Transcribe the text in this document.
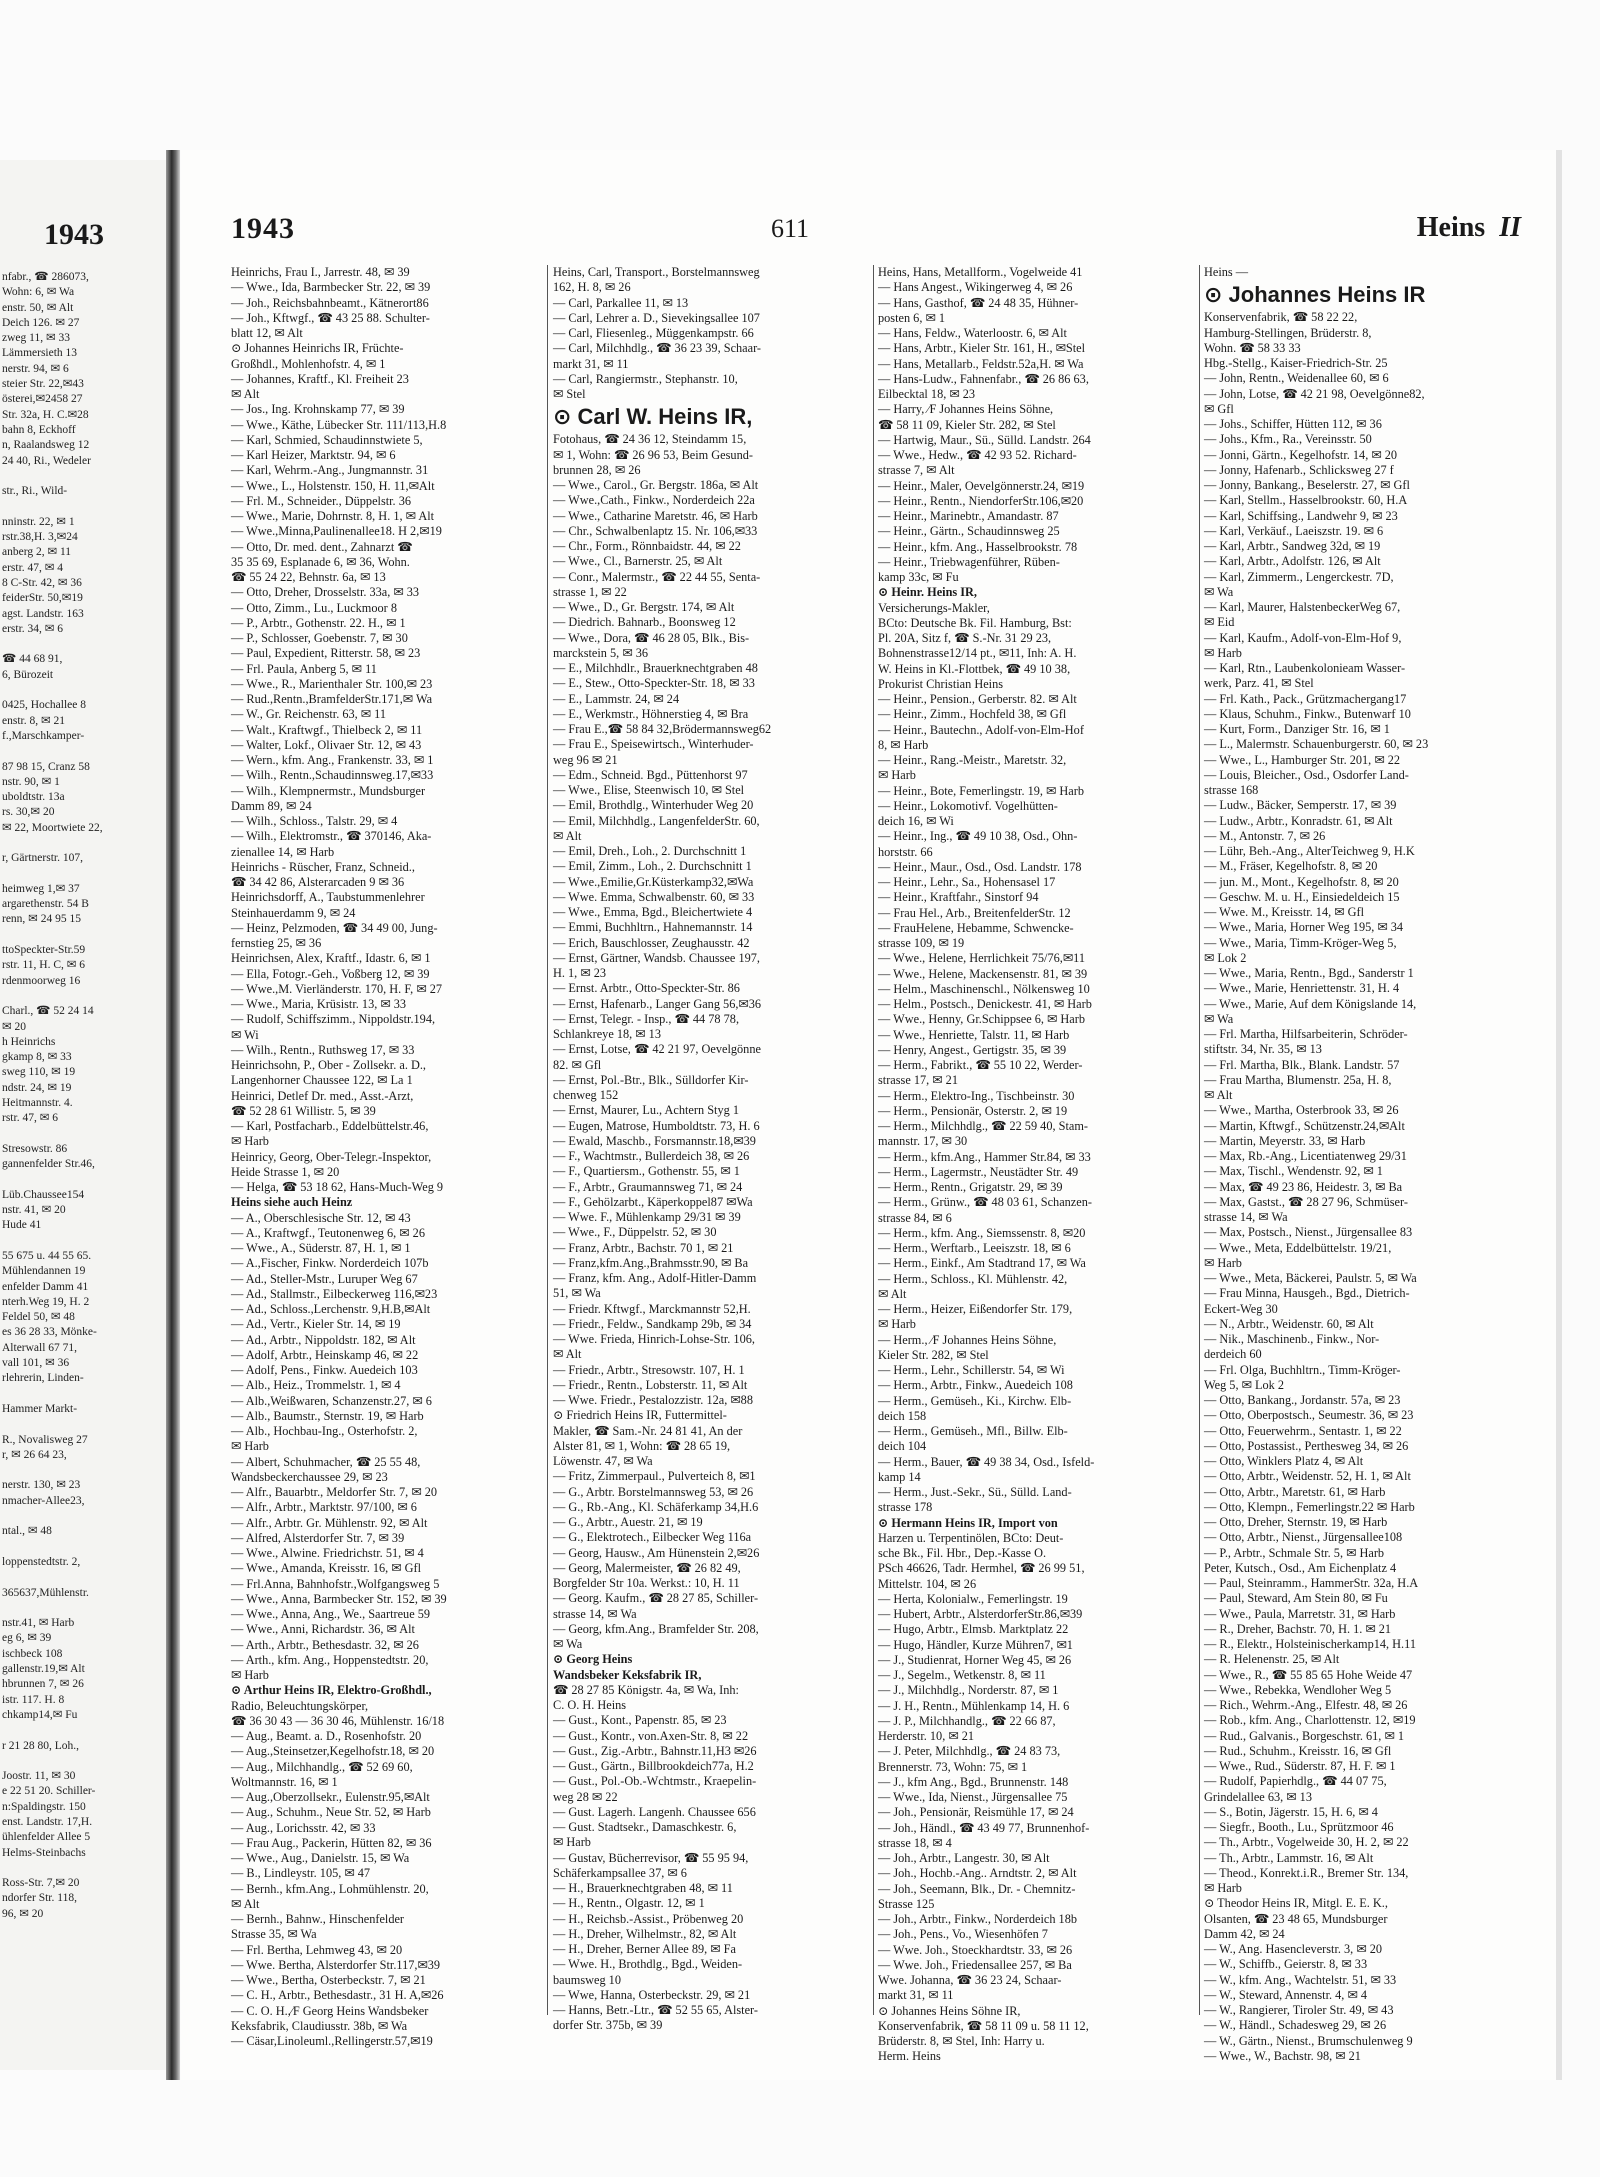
1943
nfabr., ☎ 286073,
Wohn: 6, ✉ Wa
enstr. 50, ✉ Alt
Deich 126. ✉ 27
zweg 11, ✉ 33
Lämmersieth 13
nerstr. 94, ✉ 6
steier Str. 22,✉43
österei,✉2458 27
Str. 32a, H. C.✉28
bahn 8, Eckhoff
n, Raalandsweg 12
24 40, Ri., Wedeler
str., Ri., Wild-
nninstr. 22, ✉ 1
rstr.38,H. 3,✉24
anberg 2, ✉ 11
erstr. 47, ✉ 4
8 C-Str. 42, ✉ 36
feiderStr. 50,✉19
agst. Landstr. 163
erstr. 34, ✉ 6
☎ 44 68 91,
6, Bürozeit
0425, Hochallee 8
enstr. 8, ✉ 21
f.,Marschkamper-
87 98 15, Cranz 58
nstr. 90, ✉ 1
uboldtstr. 13a
rs. 30,✉ 20
✉ 22, Moortwiete 22,
r, Gärtnerstr. 107,
heimweg 1,✉ 37
argarethenstr. 54 B
renn, ✉ 24 95 15
ttoSpeckter-Str.59
rstr. 11, H. C, ✉ 6
rdenmoorweg 16
Charl., ☎ 52 24 14
✉ 20
h Heinrichs
gkamp 8, ✉ 33
sweg 110, ✉ 19
ndstr. 24, ✉ 19
Heitmannstr. 4.
rstr. 47, ✉ 6
Stresowstr. 86
gannenfelder Str.46,
Lüb.Chaussee154
nstr. 41, ✉ 20
Hude 41
55 675 u. 44 55 65.
Mühlendannen 19
enfelder Damm 41
nterh.Weg 19, H. 2
Feldel 50, ✉ 48
es 36 28 33, Mönke-
Alterwall 67 71,
vall 101, ✉ 36
rlehrerin, Linden-
Hammer Markt-
R., Novalisweg 27
r, ✉ 26 64 23,
nerstr. 130, ✉ 23
nmacher-Allee23,
ntal., ✉ 48
loppenstedtstr. 2,
365637,Mühlenstr.
nstr.41, ✉ Harb
eg 6, ✉ 39
ischbeck 108
gallenstr.19,✉ Alt
hbrunnen 7, ✉ 26
istr. 117. H. 8
chkamp14,✉ Fu
r 21 28 80, Loh.,
Joostr. 11, ✉ 30
e 22 51 20. Schiller-
n:Spaldingstr. 150
enst. Landstr. 17,H.
ühlenfelder Allee 5
Helms-Steinbachs
Ross-Str. 7,✉ 20
ndorfer Str. 118,
96, ✉ 20
1943	611	Heins II
Heinrichs, Frau I., Jarrestr. 48, ✉ 39
— Wwe., Ida, Barmbecker Str. 22, ✉ 39
— Joh., Reichsbahnbeamt., Kätnerort86
— Joh., Kftwgf., ☎ 43 25 88. Schulter-
blatt 12, ✉ Alt
⊙ Johannes Heinrichs IR, Früchte-
Großhdl., Mohlenhofstr. 4, ✉ 1
— Johannes, Kraftf., Kl. Freiheit 23
✉ Alt
— Jos., Ing. Krohnskamp 77, ✉ 39
— Wwe., Käthe, Lübecker Str. 111/113,H.8
— Karl, Schmied, Schaudinnstwiete 5,
— Karl Heizer, Marktstr. 94, ✉ 6
— Karl, Wehrm.-Ang., Jungmannstr. 31
— Wwe., L., Holstenstr. 150, H. 11,✉Alt
— Frl. M., Schneider., Düppelstr. 36
— Wwe., Marie, Dohrnstr. 8, H. 1, ✉ Alt
— Wwe.,Minna,Paulinenallee18. H 2,✉19
— Otto, Dr. med. dent., Zahnarzt ☎
35 35 69, Esplanade 6, ✉ 36, Wohn.
☎ 55 24 22, Behnstr. 6a, ✉ 13
— Otto, Dreher, Drosselstr. 33a, ✉ 33
— Otto, Zimm., Lu., Luckmoor 8
— P., Arbtr., Gothenstr. 22. H., ✉ 1
— P., Schlosser, Goebenstr. 7, ✉ 30
— Paul, Expedient, Ritterstr. 58, ✉ 23
— Frl. Paula, Anberg 5, ✉ 11
— Wwe., R., Marienthaler Str. 100,✉ 23
— Rud.,Rentn.,BramfelderStr.171,✉ Wa
— W., Gr. Reichenstr. 63, ✉ 11
— Walt., Kraftwgf., Thielbeck 2, ✉ 11
— Walter, Lokf., Olivaer Str. 12, ✉ 43
— Wern., kfm. Ang., Frankenstr. 33, ✉ 1
— Wilh., Rentn.,Schaudinnsweg.17,✉33
— Wilh., Klempnermstr., Mundsburger
Damm 89, ✉ 24
— Wilh., Schloss., Talstr. 29, ✉ 4
— Wilh., Elektromstr., ☎ 370146, Aka-
zienallee 14, ✉ Harb
Heinrichs - Rüscher, Franz, Schneid.,
☎ 34 42 86, Alsterarcaden 9 ✉ 36
Heinrichsdorff, A., Taubstummenlehrer
Steinhauerdamm 9, ✉ 24
— Heinz, Pelzmoden, ☎ 34 49 00, Jung-
fernstieg 25, ✉ 36
Heinrichsen, Alex, Kraftf., Idastr. 6, ✉ 1
— Ella, Fotogr.-Geh., Voßberg 12, ✉ 39
— Wwe.,M. Vierländerstr. 170, H. F, ✉ 27
— Wwe., Maria, Krüsistr. 13, ✉ 33
— Rudolf, Schiffszimm., Nippoldstr.194,
✉ Wi
— Wilh., Rentn., Ruthsweg 17, ✉ 33
Heinrichsohn, P., Ober - Zollsekr. a. D.,
Langenhorner Chaussee 122, ✉ La 1
Heinrici, Detlef Dr. med., Asst.-Arzt,
☎ 52 28 61 Willistr. 5, ✉ 39
— Karl, Postfacharb., Eddelbüttelstr.46,
✉ Harb
Heinricy, Georg, Ober-Telegr.-Inspektor,
Heide Strasse 1, ✉ 20
— Helga, ☎ 53 18 62, Hans-Much-Weg 9
Heins siehe auch Heinz
— A., Oberschlesische Str. 12, ✉ 43
— A., Kraftwgf., Teutonenweg 6, ✉ 26
— Wwe., A., Süderstr. 87, H. 1, ✉ 1
— A.,Fischer, Finkw. Norderdeich 107b
— Ad., Steller-Mstr., Luruper Weg 67
— Ad., Stallmstr., Eilbeckerweg 116,✉23
— Ad., Schloss.,Lerchenstr. 9,H.B,✉Alt
— Ad., Vertr., Kieler Str. 14, ✉ 19
— Ad., Arbtr., Nippoldstr. 182, ✉ Alt
— Adolf, Arbtr., Heinskamp 46, ✉ 22
— Adolf, Pens., Finkw. Auedeich 103
— Alb., Heiz., Trommelstr. 1, ✉ 4
— Alb.,Weißwaren, Schanzenstr.27, ✉ 6
— Alb., Baumstr., Sternstr. 19, ✉ Harb
— Alb., Hochbau-Ing., Osterhofstr. 2,
✉ Harb
— Albert, Schuhmacher, ☎ 25 55 48,
Wandsbeckerchaussee 29, ✉ 23
— Alfr., Bauarbtr., Meldorfer Str. 7, ✉ 20
— Alfr., Arbtr., Marktstr. 97/100, ✉ 6
— Alfr., Arbtr. Gr. Mühlenstr. 92, ✉ Alt
— Alfred, Alsterdorfer Str. 7, ✉ 39
— Wwe., Alwine. Friedrichstr. 51, ✉ 4
— Wwe., Amanda, Kreisstr. 16, ✉ Gfl
— Frl.Anna, Bahnhofstr.,Wolfgangsweg 5
— Wwe., Anna, Barmbecker Str. 152, ✉ 39
— Wwe., Anna, Ang., We., Saartreue 59
— Wwe., Anni, Richardstr. 36, ✉ Alt
— Arth., Arbtr., Bethesdastr. 32, ✉ 26
— Arth., kfm. Ang., Hoppenstedtstr. 20,
✉ Harb
⊙ Arthur Heins IR, Elektro-Großhdl.,
Radio, Beleuchtungskörper,
☎ 36 30 43 — 36 30 46, Mühlenstr. 16/18
— Aug., Beamt. a. D., Rosenhofstr. 20
— Aug.,Steinsetzer,Kegelhofstr.18, ✉ 20
— Aug., Milchhandlg., ☎ 52 69 60,
Woltmannstr. 16, ✉ 1
— Aug.,Oberzollsekr., Eulenstr.95,✉Alt
— Aug., Schuhm., Neue Str. 52, ✉ Harb
— Aug., Lorichsstr. 42, ✉ 33
— Frau Aug., Packerin, Hütten 82, ✉ 36
— Wwe., Aug., Danielstr. 15, ✉ Wa
— B., Lindleystr. 105, ✉ 47
— Bernh., kfm.Ang., Lohmühlenstr. 20,
✉ Alt
— Bernh., Bahnw., Hinschenfelder
Strasse 35, ✉ Wa
— Frl. Bertha, Lehmweg 43, ✉ 20
— Wwe. Bertha, Alsterdorfer Str.117,✉39
— Wwe., Bertha, Osterbeckstr. 7, ✉ 21
— C. H., Arbtr., Bethesdastr., 31 H. A,✉26
— C. O. H.,⁄F Georg Heins Wandsbeker
Keksfabrik, Claudiusstr. 38b, ✉ Wa
— Cäsar,Linoleuml.,Rellingerstr.57,✉19
Heins, Carl, Transport., Borstelmannsweg
162, H. 8, ✉ 26
— Carl, Parkallee 11, ✉ 13
— Carl, Lehrer a. D., Sievekingsallee 107
— Carl, Fliesenleg., Müggenkampstr. 66
— Carl, Milchhdlg., ☎ 36 23 39, Schaar-
markt 31, ✉ 11
— Carl, Rangiermstr., Stephanstr. 10,
✉ Stel
⊙ Carl W. Heins IR,
Fotohaus, ☎ 24 36 12, Steindamm 15,
✉ 1, Wohn: ☎ 26 96 53, Beim Gesund-
brunnen 28, ✉ 26
— Wwe., Carol., Gr. Bergstr. 186a, ✉ Alt
— Wwe.,Cath., Finkw., Norderdeich 22a
— Wwe., Catharine Maretstr. 46, ✉ Harb
— Chr., Schwalbenlaptz 15. Nr. 106,✉33
— Chr., Form., Rönnbaidstr. 44, ✉ 22
— Wwe., Cl., Barnerstr. 25, ✉ Alt
— Conr., Malermstr., ☎ 22 44 55, Senta-
strasse 1, ✉ 22
— Wwe., D., Gr. Bergstr. 174, ✉ Alt
— Diedrich. Bahnarb., Boonsweg 12
— Wwe., Dora, ☎ 46 28 05, Blk., Bis-
marckstein 5, ✉ 36
— E., Milchhdlr., Brauerknechtgraben 48
— E., Stew., Otto-Speckter-Str. 18, ✉ 33
— E., Lammstr. 24, ✉ 24
— E., Werkmstr., Höhnerstieg 4, ✉ Bra
— Frau E.,☎ 58 84 32,Brödermannsweg62
— Frau E., Speisewirtsch., Winterhuder-
weg 96 ✉ 21
— Edm., Schneid. Bgd., Püttenhorst 97
— Wwe., Elise, Steenwisch 10, ✉ Stel
— Emil, Brothdlg., Winterhuder Weg 20
— Emil, Milchhdlg., LangenfelderStr. 60,
✉ Alt
— Emil, Dreh., Loh., 2. Durchschnitt 1
— Emil, Zimm., Loh., 2. Durchschnitt 1
— Wwe.,Emilie,Gr.Küsterkamp32,✉Wa
— Wwe. Emma, Schwalbenstr. 60, ✉ 33
— Wwe., Emma, Bgd., Bleichertwiete 4
— Emmi, Buchhltrn., Hahnemannstr. 14
— Erich, Bauschlosser, Zeughausstr. 42
— Ernst, Gärtner, Wandsb. Chaussee 197,
H. 1, ✉ 23
— Ernst. Arbtr., Otto-Speckter-Str. 86
— Ernst, Hafenarb., Langer Gang 56,✉36
— Ernst, Telegr. - Insp., ☎ 44 78 78,
Schlankreye 18, ✉ 13
— Ernst, Lotse, ☎ 42 21 97, Oevelgönne
82. ✉ Gfl
— Ernst, Pol.-Btr., Blk., Sülldorfer Kir-
chenweg 152
— Ernst, Maurer, Lu., Achtern Styg 1
— Eugen, Matrose, Humboldtstr. 73, H. 6
— Ewald, Maschb., Forsmannstr.18,✉39
— F., Wachtmstr., Bullerdeich 38, ✉ 26
— F., Quartiersm., Gothenstr. 55, ✉ 1
— F., Arbtr., Graumannsweg 71, ✉ 24
— F., Gehölzarbt., Käperkoppel87 ✉Wa
— Wwe. F., Mühlenkamp 29/31 ✉ 39
— Wwe., F., Düppelstr. 52, ✉ 30
— Franz, Arbtr., Bachstr. 70 1, ✉ 21
— Franz,kfm.Ang.,Brahmsstr.90, ✉ Ba
— Franz, kfm. Ang., Adolf-Hitler-Damm
51, ✉ Wa
— Friedr. Kftwgf., Marckmannstr 52,H.
— Friedr., Feldw., Sandkamp 29b, ✉ 34
— Wwe. Frieda, Hinrich-Lohse-Str. 106,
✉ Alt
— Friedr., Arbtr., Stresowstr. 107, H. 1
— Friedr., Rentn., Lobsterstr. 11, ✉ Alt
— Wwe. Friedr., Pestalozzistr. 12a, ✉88
⊙ Friedrich Heins IR, Futtermittel-
Makler, ☎ Sam.-Nr. 24 81 41, An der
Alster 81, ✉ 1, Wohn: ☎ 28 65 19,
Löwenstr. 47, ✉ Wa
— Fritz, Zimmerpaul., Pulverteich 8, ✉1
— G., Arbtr. Borstelmannsweg 53, ✉ 26
— G., Rb.-Ang., Kl. Schäferkamp 34,H.6
— G., Arbtr., Auestr. 21, ✉ 19
— G., Elektrotech., Eilbecker Weg 116a
— Georg, Hausw., Am Hünenstein 2,✉26
— Georg, Malermeister, ☎ 26 82 49,
Borgfelder Str 10a. Werkst.: 10, H. 11
— Georg. Kaufm., ☎ 28 27 85, Schiller-
strasse 14, ✉ Wa
— Georg, kfm.Ang., Bramfelder Str. 208,
✉ Wa
⊙ Georg Heins
Wandsbeker Keksfabrik IR,
☎ 28 27 85 Königstr. 4a, ✉ Wa, Inh:
C. O. H. Heins
— Gust., Kont., Papenstr. 85, ✉ 23
— Gust., Kontr., von.Axen-Str. 8, ✉ 22
— Gust., Zig.-Arbtr., Bahnstr.11,H3 ✉26
— Gust., Gärtn., Billbrookdeich77a, H.2
— Gust., Pol.-Ob.-Wchtmstr., Kraepelin-
weg 28 ✉ 22
— Gust. Lagerh. Langenh. Chaussee 656
— Gust. Stadtsekr., Damaschkestr. 6,
✉ Harb
— Gustav, Bücherrevisor, ☎ 55 95 94,
Schäferkampsallee 37, ✉ 6
— H., Brauerknechtgraben 48, ✉ 11
— H., Rentn., Olgastr. 12, ✉ 1
— H., Reichsb.-Assist., Pröbenweg 20
— H., Dreher, Wilhelmstr., 82, ✉ Alt
— H., Dreher, Berner Allee 89, ✉ Fa
— Wwe. H., Brothdlg., Bgd., Weiden-
baumsweg 10
— Wwe, Hanna, Osterbeckstr. 29, ✉ 21
— Hanns, Betr.-Ltr., ☎ 52 55 65, Alster-
dorfer Str. 375b, ✉ 39
Heins, Hans, Metallform., Vogelweide 41
— Hans Angest., Wikingerweg 4, ✉ 26
— Hans, Gasthof, ☎ 24 48 35, Hühner-
posten 6, ✉ 1
— Hans, Feldw., Waterloostr. 6, ✉ Alt
— Hans, Arbtr., Kieler Str. 161, H., ✉Stel
— Hans, Metallarb., Feldstr.52a,H. ✉ Wa
— Hans-Ludw., Fahnenfabr., ☎ 26 86 63,
Eilbecktal 18, ✉ 23
— Harry, ⁄F Johannes Heins Söhne,
☎ 58 11 09, Kieler Str. 282, ✉ Stel
— Hartwig, Maur., Sü., Sülld. Landstr. 264
— Wwe., Hedw., ☎ 42 93 52. Richard-
strasse 7, ✉ Alt
— Heinr., Maler, Oevelgönnerstr.24, ✉19
— Heinr., Rentn., NiendorferStr.106,✉20
— Heinr., Marinebtr., Amandastr. 87
— Heinr., Gärtn., Schaudinnsweg 25
— Heinr., kfm. Ang., Hasselbrookstr. 78
— Heinr., Triebwagenführer, Rüben-
kamp 33c, ✉ Fu
⊙ Heinr. Heins IR,
Versicherungs-Makler,
BCto: Deutsche Bk. Fil. Hamburg, Bst:
Pl. 20A, Sitz f, ☎ S.-Nr. 31 29 23,
Bohnenstrasse12/14 pt., ✉11, Inh: A. H.
W. Heins in Kl.-Flottbek, ☎ 49 10 38,
Prokurist Christian Heins
— Heinr., Pension., Gerberstr. 82. ✉ Alt
— Heinr., Zimm., Hochfeld 38, ✉ Gfl
— Heinr., Bautechn., Adolf-von-Elm-Hof
8, ✉ Harb
— Heinr., Rang.-Meistr., Maretstr. 32,
✉ Harb
— Heinr., Bote, Femerlingstr. 19, ✉ Harb
— Heinr., Lokomotivf. Vogelhütten-
deich 16, ✉ Wi
— Heinr., Ing., ☎ 49 10 38, Osd., Ohn-
horststr. 66
— Heinr., Maur., Osd., Osd. Landstr. 178
— Heinr., Lehr., Sa., Hohensasel 17
— Heinr., Kraftfahr., Sinstorf 94
— Frau Hel., Arb., BreitenfelderStr. 12
— FrauHelene, Hebamme, Schwencke-
strasse 109, ✉ 19
— Wwe., Helene, Herrlichkeit 75/76,✉11
— Wwe., Helene, Mackensenstr. 81, ✉ 39
— Helm., Maschinenschl., Nölkensweg 10
— Helm., Postsch., Denickestr. 41, ✉ Harb
— Wwe., Henny, Gr.Schippsee 6, ✉ Harb
— Wwe., Henriette, Talstr. 11, ✉ Harb
— Henry, Angest., Gertigstr. 35, ✉ 39
— Herm., Fabrikt., ☎ 55 10 22, Werder-
strasse 17, ✉ 21
— Herm., Elektro-Ing., Tischbeinstr. 30
— Herm., Pensionär, Osterstr. 2, ✉ 19
— Herm., Milchhdlg., ☎ 22 59 40, Stam-
mannstr. 17, ✉ 30
— Herm., kfm.Ang., Hammer Str.84, ✉ 33
— Herm., Lagermstr., Neustädter Str. 49
— Herm., Rentn., Grigatstr. 29, ✉ 39
— Herm., Grünw., ☎ 48 03 61, Schanzen-
strasse 84, ✉ 6
— Herm., kfm. Ang., Siemssenstr. 8, ✉20
— Herm., Werftarb., Leeiszstr. 18, ✉ 6
— Herm., Einkf., Am Stadtrand 17, ✉ Wa
— Herm., Schloss., Kl. Mühlenstr. 42,
✉ Alt
— Herm., Heizer, Eißendorfer Str. 179,
✉ Harb
— Herm., ⁄F Johannes Heins Söhne,
Kieler Str. 282, ✉ Stel
— Herm., Lehr., Schillerstr. 54, ✉ Wi
— Herm., Arbtr., Finkw., Auedeich 108
— Herm., Gemüseh., Ki., Kirchw. Elb-
deich 158
— Herm., Gemüseh., Mfl., Billw. Elb-
deich 104
— Herm., Bauer, ☎ 49 38 34, Osd., Isfeld-
kamp 14
— Herm., Just.-Sekr., Sü., Sülld. Land-
strasse 178
⊙ Hermann Heins IR, Import von
Harzen u. Terpentinölen, BCto: Deut-
sche Bk., Fil. Hbr., Dep.-Kasse O.
PSch 46626, Tadr. Hermhel, ☎ 26 99 51,
Mittelstr. 104, ✉ 26
— Herta, Kolonialw., Femerlingstr. 19
— Hubert, Arbtr., AlsterdorferStr.86,✉39
— Hugo, Arbtr., Elmsb. Marktplatz 22
— Hugo, Händler, Kurze Mühren7, ✉1
— J., Studienrat, Horner Weg 45, ✉ 26
— J., Segelm., Wetkenstr. 8, ✉ 11
— J., Milchhdlg., Norderstr. 87, ✉ 1
— J. H., Rentn., Mühlenkamp 14, H. 6
— J. P., Milchhandlg., ☎ 22 66 87,
Herderstr. 10, ✉ 21
— J. Peter, Milchhdlg., ☎ 24 83 73,
Brennerstr. 73, Wohn: 75, ✉ 1
— J., kfm Ang., Bgd., Brunnenstr. 148
— Wwe., Ida, Nienst., Jürgensallee 75
— Joh., Pensionär, Reismühle 17, ✉ 24
— Joh., Händl., ☎ 43 49 77, Brunnenhof-
strasse 18, ✉ 4
— Joh., Arbtr., Langestr. 30, ✉ Alt
— Joh., Hochb.-Ang.. Arndtstr. 2, ✉ Alt
— Joh., Seemann, Blk., Dr. - Chemnitz-
Strasse 125
— Joh., Arbtr., Finkw., Norderdeich 18b
— Joh., Pens., Vo., Wiesenhöfen 7
— Wwe. Joh., Stoeckhardtstr. 33, ✉ 26
— Wwe. Joh., Friedensallee 257, ✉ Ba
Wwe. Johanna, ☎ 36 23 24, Schaar-
markt 31, ✉ 11
⊙ Johannes Heins Söhne IR,
Konservenfabrik, ☎ 58 11 09 u. 58 11 12,
Brüderstr. 8, ✉ Stel, Inh: Harry u.
Herm. Heins
Heins —
⊙ Johannes Heins IR
Konservenfabrik, ☎ 58 22 22,
Hamburg-Stellingen, Brüderstr. 8,
Wohn. ☎ 58 33 33
Hbg.-Stellg., Kaiser-Friedrich-Str. 25
— John, Rentn., Weidenallee 60, ✉ 6
— John, Lotse, ☎ 42 21 98, Oevelgönne82,
✉ Gfl
— Johs., Schiffer, Hütten 112, ✉ 36
— Johs., Kfm., Ra., Vereinsstr. 50
— Jonni, Gärtn., Kegelhofstr. 14, ✉ 20
— Jonny, Hafenarb., Schlicksweg 27 f
— Jonny, Bankang., Beselerstr. 27, ✉ Gfl
— Karl, Stellm., Hasselbrookstr. 60, H.A
— Karl, Schiffsing., Landwehr 9, ✉ 23
— Karl, Verkäuf., Laeiszstr. 19. ✉ 6
— Karl, Arbtr., Sandweg 32d, ✉ 19
— Karl, Arbtr., Adolfstr. 126, ✉ Alt
— Karl, Zimmerm., Lengerckestr. 7D,
✉ Wa
— Karl, Maurer, HalstenbeckerWeg 67,
✉ Eid
— Karl, Kaufm., Adolf-von-Elm-Hof 9,
✉ Harb
— Karl, Rtn., Laubenkolonieam Wasser-
werk, Parz. 41, ✉ Stel
— Frl. Kath., Pack., Grützmachergang17
— Klaus, Schuhm., Finkw., Butenwarf 10
— Kurt, Form., Danziger Str. 16, ✉ 1
— L., Malermstr. Schauenburgerstr. 60, ✉ 23
— Wwe., L., Hamburger Str. 201, ✉ 22
— Louis, Bleicher., Osd., Osdorfer Land-
strasse 168
— Ludw., Bäcker, Semperstr. 17, ✉ 39
— Ludw., Arbtr., Konradstr. 61, ✉ Alt
— M., Antonstr. 7, ✉ 26
— Lühr, Beh.-Ang., AlterTeichweg 9, H.K
— M., Fräser, Kegelhofstr. 8, ✉ 20
— jun. M., Mont., Kegelhofstr. 8, ✉ 20
— Geschw. M. u. H., Einsiedeldeich 15
— Wwe. M., Kreisstr. 14, ✉ Gfl
— Wwe., Maria, Horner Weg 195, ✉ 34
— Wwe., Maria, Timm-Kröger-Weg 5,
✉ Lok 2
— Wwe., Maria, Rentn., Bgd., Sanderstr 1
— Wwe., Marie, Henriettenstr. 31, H. 4
— Wwe., Marie, Auf dem Königslande 14,
✉ Wa
— Frl. Martha, Hilfsarbeiterin, Schröder-
stiftstr. 34, Nr. 35, ✉ 13
— Frl. Martha, Blk., Blank. Landstr. 57
— Frau Martha, Blumenstr. 25a, H. 8,
✉ Alt
— Wwe., Martha, Osterbrook 33, ✉ 26
— Martin, Kftwgf., Schützenstr.24,✉Alt
— Martin, Meyerstr. 33, ✉ Harb
— Max, Rb.-Ang., Licentiatenweg 29/31
— Max, Tischl., Wendenstr. 92, ✉ 1
— Max, ☎ 49 23 86, Heidestr. 3, ✉ Ba
— Max, Gastst., ☎ 28 27 96, Schmüser-
strasse 14, ✉ Wa
— Max, Postsch., Nienst., Jürgensallee 83
— Wwe., Meta, Eddelbüttelstr. 19/21,
✉ Harb
— Wwe., Meta, Bäckerei, Paulstr. 5, ✉ Wa
— Frau Minna, Hausgeh., Bgd., Dietrich-
Eckert-Weg 30
— N., Arbtr., Weidenstr. 60, ✉ Alt
— Nik., Maschinenb., Finkw., Nor-
derdeich 60
— Frl. Olga, Buchhltrn., Timm-Kröger-
Weg 5, ✉ Lok 2
— Otto, Bankang., Jordanstr. 57a, ✉ 23
— Otto, Oberpostsch., Seumestr. 36, ✉ 23
— Otto, Feuerwehrm., Sentastr. 1, ✉ 22
— Otto, Postassist., Perthesweg 34, ✉ 26
— Otto, Winklers Platz 4, ✉ Alt
— Otto, Arbtr., Weidenstr. 52, H. 1, ✉ Alt
— Otto, Arbtr., Maretstr. 61, ✉ Harb
— Otto, Klempn., Femerlingstr.22 ✉ Harb
— Otto, Dreher, Sternstr. 19, ✉ Harb
— Otto, Arbtr., Nienst., Jürgensallee108
— P., Arbtr., Schmale Str. 5, ✉ Harb
Peter, Kutsch., Osd., Am Eichenplatz 4
— Paul, Steinramm., HammerStr. 32a, H.A
— Paul, Steward, Am Stein 80, ✉ Fu
— Wwe., Paula, Marretstr. 31, ✉ Harb
— R., Dreher, Bachstr. 70, H. 1. ✉ 21
— R., Elektr., Holsteinischerkamp14, H.11
— R. Helenenstr. 25, ✉ Alt
— Wwe., R., ☎ 55 85 65 Hohe Weide 47
— Wwe., Rebekka, Wendloher Weg 5
— Rich., Wehrm.-Ang., Elfestr. 48, ✉ 26
— Rob., kfm. Ang., Charlottenstr. 12, ✉19
— Rud., Galvanis., Borgeschstr. 61, ✉ 1
— Rud., Schuhm., Kreisstr. 16, ✉ Gfl
— Wwe., Rud., Süderstr. 87, H. F. ✉ 1
— Rudolf, Papierhdlg., ☎ 44 07 75,
Grindelallee 63, ✉ 13
— S., Botin, Jägerstr. 15, H. 6, ✉ 4
— Siegfr., Booth., Lu., Sprützmoor 46
— Th., Arbtr., Vogelweide 30, H. 2, ✉ 22
— Th., Arbtr., Lammstr. 16, ✉ Alt
— Theod., Konrekt.i.R., Bremer Str. 134,
✉ Harb
⊙ Theodor Heins IR, Mitgl. E. E. K.,
Olsanten, ☎ 23 48 65, Mundsburger
Damm 42, ✉ 24
— W., Ang. Hasencleverstr. 3, ✉ 20
— W., Schiffb., Geierstr. 8, ✉ 33
— W., kfm. Ang., Wachtelstr. 51, ✉ 33
— W., Steward, Annenstr. 4, ✉ 4
— W., Rangierer, Tiroler Str. 49, ✉ 43
— W., Händl., Schadesweg 29, ✉ 26
— W., Gärtn., Nienst., Brumschulenweg 9
— Wwe., W., Bachstr. 98, ✉ 21
